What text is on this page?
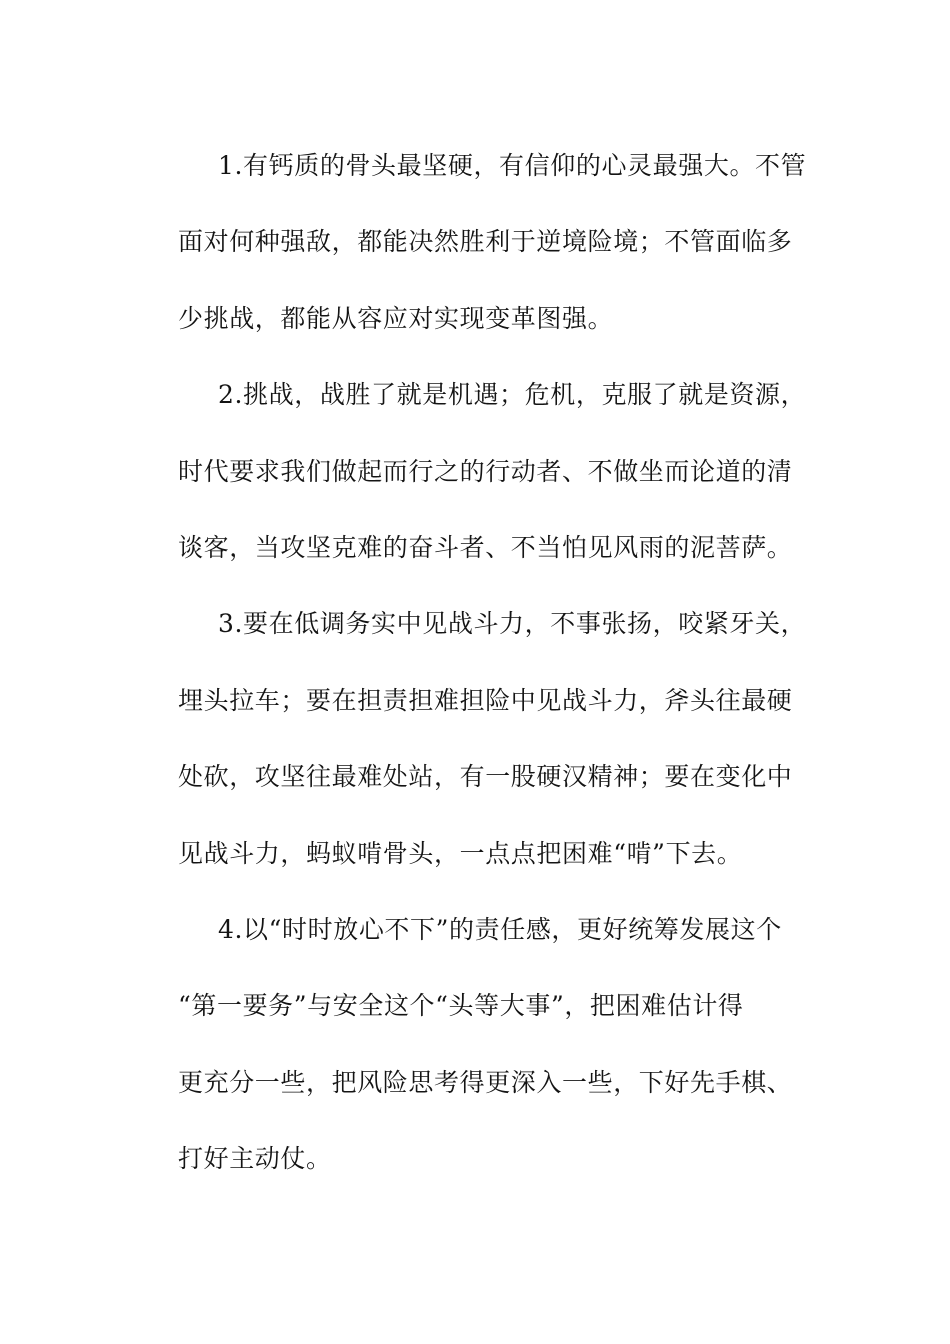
1.有钙质的骨头最坚硬，有信仰的心灵最强大。不管
面对何种强敌，都能决然胜利于逆境险境；不管面临多
少挑战，都能从容应对实现变革图强。
2.挑战，战胜了就是机遇；危机，克服了就是资源，
时代要求我们做起而行之的行动者、不做坐而论道的清
谈客，当攻坚克难的奋斗者、不当怕见风雨的泥菩萨。
3.要在低调务实中见战斗力，不事张扬，咬紧牙关，
埋头拉车；要在担责担难担险中见战斗力，斧头往最硬
处砍，攻坚往最难处站，有一股硬汉精神；要在变化中
见战斗力，蚂蚁啃骨头，一点点把困难“啃”下去。
4.以“时时放心不下”的责任感，更好统筹发展这个
“第一要务”与安全这个“头等大事”，把困难估计得
更充分一些，把风险思考得更深入一些，下好先手棋、
打好主动仗。
